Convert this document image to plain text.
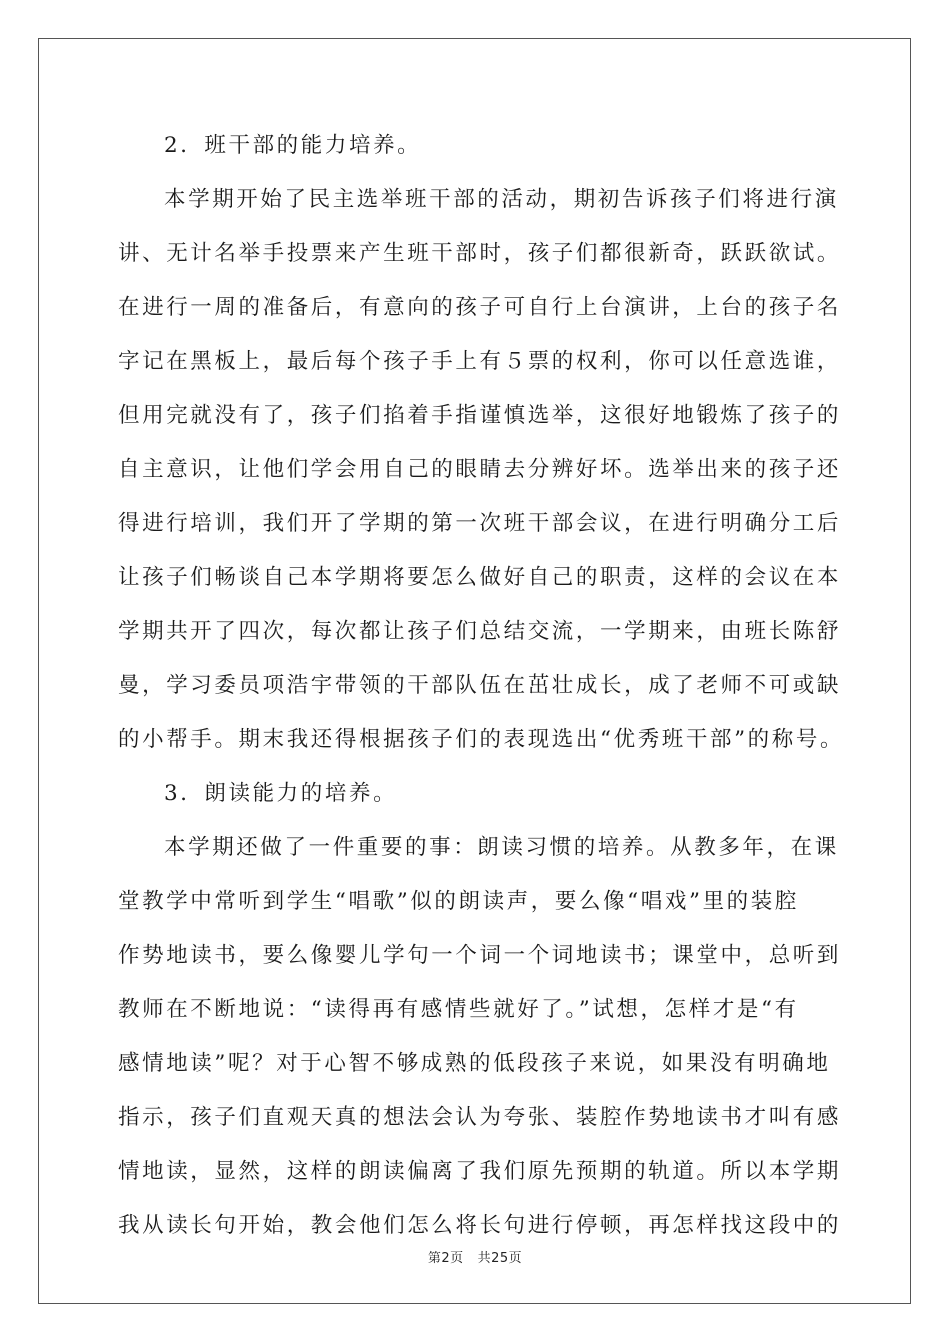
2．班干部的能力培养。
本学期开始了民主选举班干部的活动，期初告诉孩子们将进行演
讲、无计名举手投票来产生班干部时，孩子们都很新奇，跃跃欲试。
在进行一周的准备后，有意向的孩子可自行上台演讲，上台的孩子名
字记在黑板上，最后每个孩子手上有５票的权利，你可以任意选谁，
但用完就没有了，孩子们掐着手指谨慎选举，这很好地锻炼了孩子的
自主意识，让他们学会用自己的眼睛去分辨好坏。选举出来的孩子还
得进行培训，我们开了学期的第一次班干部会议，在进行明确分工后
让孩子们畅谈自己本学期将要怎么做好自己的职责，这样的会议在本
学期共开了四次，每次都让孩子们总结交流，一学期来，由班长陈舒
曼，学习委员项浩宇带领的干部队伍在茁壮成长，成了老师不可或缺
的小帮手。期末我还得根据孩子们的表现选出“优秀班干部”的称号。
3．朗读能力的培养。
本学期还做了一件重要的事：朗读习惯的培养。从教多年，在课
堂教学中常听到学生“唱歌”似的朗读声，要么像“唱戏”里的装腔
作势地读书，要么像婴儿学句一个词一个词地读书；课堂中，总听到
教师在不断地说：“读得再有感情些就好了。”试想，怎样才是“有
感情地读”呢？对于心智不够成熟的低段孩子来说，如果没有明确地
指示，孩子们直观天真的想法会认为夸张、装腔作势地读书才叫有感
情地读，显然，这样的朗读偏离了我们原先预期的轨道。所以本学期
我从读长句开始，教会他们怎么将长句进行停顿，再怎样找这段中的
第2页 共25页
